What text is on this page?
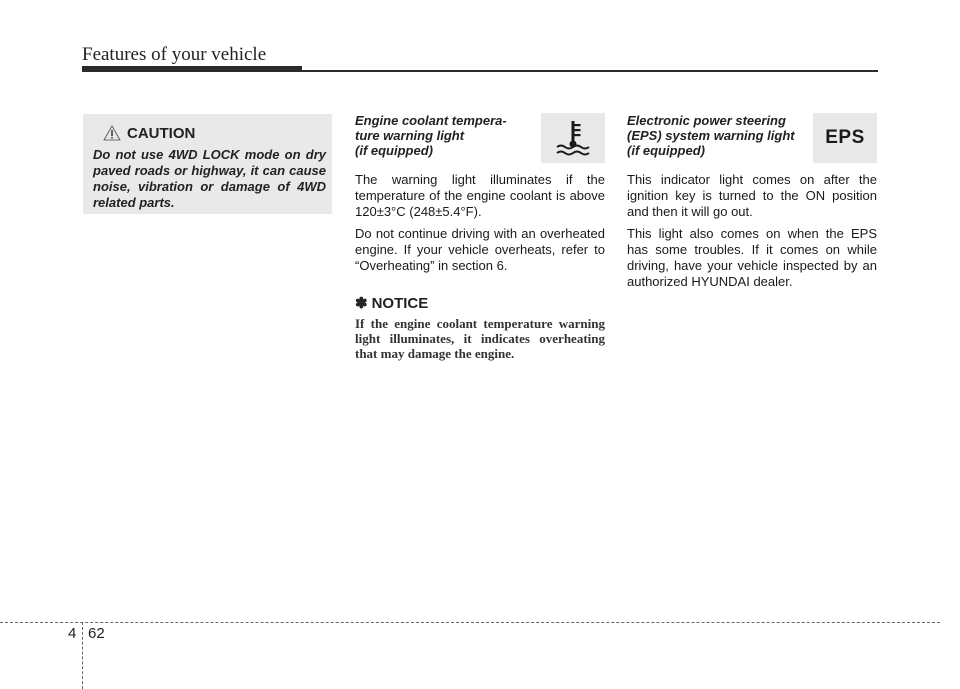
Features of your vehicle
CAUTION
Do not use 4WD LOCK mode on dry paved roads or highway, it can cause noise, vibration or damage of 4WD related parts.
Engine coolant tempera-
ture warning light
(if equipped)

The warning light illuminates if the temperature of the engine coolant is above 120±3°C (248±5.4°F).

Do not continue driving with an overheated engine. If your vehicle overheats, refer to “Overheating” in section 6.

✽ NOTICE
If the engine coolant temperature warning light illuminates, it indicates overheating that may damage the engine.
Electronic power steering
(EPS) system warning light
(if equipped)
EPS

This indicator light comes on after the ignition key is turned to the ON position and then it will go out.

This light also comes on when the EPS has some troubles. If it comes on while driving, have your vehicle inspected by an authorized HYUNDAI dealer.

4 62
